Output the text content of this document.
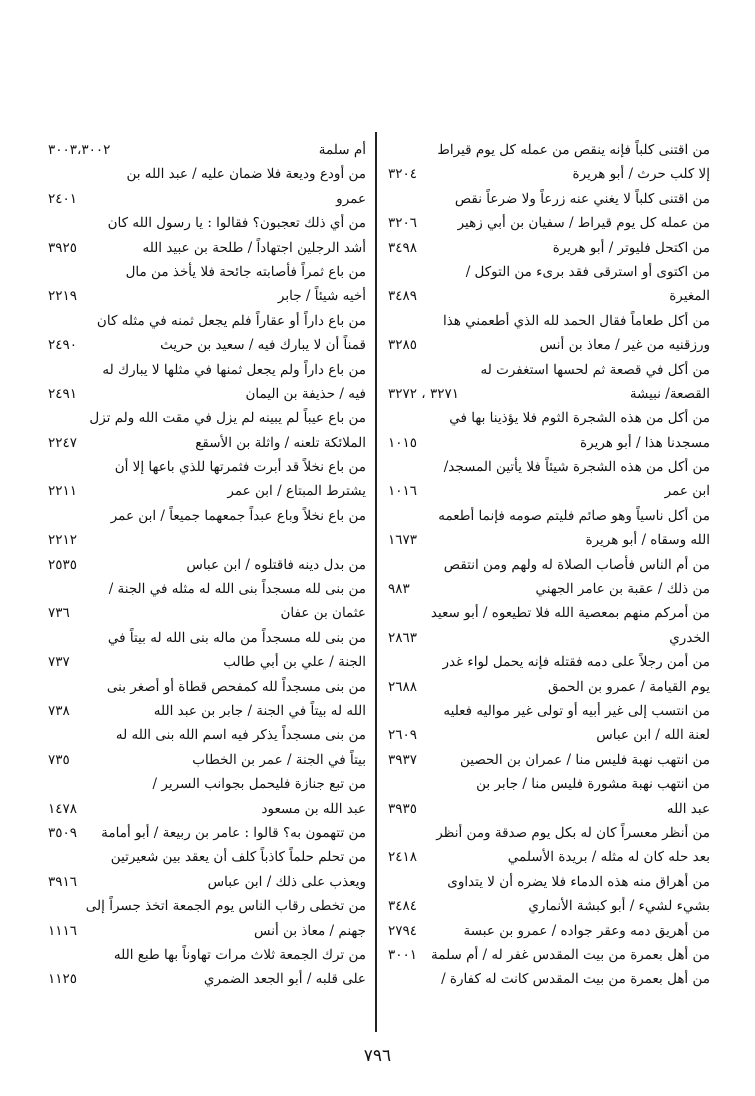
من اقتنى كلباً فإنه ينقص من عمله كل يوم قيراط
إلا كلب حرث / أبو هريرة
٣٢٠٤
من اقتنى كلباً لا يغني عنه زرعاً ولا ضرعاً نقص
من عمله كل يوم قيراط / سفيان بن أبي زهير
٣٢٠٦
من اكتحل فليوتر / أبو هريرة
٣٤٩٨
من اكتوى أو استرقى فقد برىء من التوكل /
المغيرة
٣٤٨٩
من أكل طعاماً فقال الحمد لله الذي أطعمني هذا
ورزقنيه من غير / معاذ بن أنس
٣٢٨٥
من أكل في قصعة ثم لحسها استغفرت له
القصعة/ نبيشة
٣٢٧١ ، ٣٢٧٢
من أكل من هذه الشجرة الثوم فلا يؤذينا بها في
مسجدنا هذا / أبو هريرة
١٠١٥
من أكل من هذه الشجرة شيئاً فلا يأتين المسجد/
ابن عمر
١٠١٦
من أكل ناسياً وهو صائم فليتم صومه فإنما أطعمه
الله وسقاه / أبو هريرة
١٦٧٣
من أم الناس فأصاب الصلاة له ولهم ومن انتقص
من ذلك / عقبة بن عامر الجهني
٩٨٣
من أمركم منهم بمعصية الله فلا تطيعوه / أبو سعيد
الخدري
٢٨٦٣
من أمن رجلاً على دمه فقتله فإنه يحمل لواء غدر
يوم القيامة / عمرو بن الحمق
٢٦٨٨
من انتسب إلى غير أبيه أو تولى غير مواليه فعليه
لعنة الله / ابن عباس
٢٦٠٩
من انتهب نهبة فليس منا / عمران بن الحصين
٣٩٣٧
من انتهب نهبة مشورة فليس منا / جابر بن
عبد الله
٣٩٣٥
من أنظر معسراً كان له بكل يوم صدقة ومن أنظر
بعد حله كان له مثله / بريدة الأسلمي
٢٤١٨
من أهراق منه هذه الدماء فلا يضره أن لا يتداوى
بشيء لشيء / أبو كبشة الأنماري
٣٤٨٤
من أهريق دمه وعقر جواده / عمرو بن عبسة
٢٧٩٤
من أهل بعمرة من بيت المقدس غفر له / أم سلمة
٣٠٠١
من أهل بعمرة من بيت المقدس كانت له كفارة /
أم سلمة
٣٠٠٣،٣٠٠٢
من أودع وديعة فلا ضمان عليه / عبد الله بن
عمرو
٢٤٠١
من أي ذلك تعجبون؟ فقالوا : يا رسول الله كان
أشد الرجلين اجتهاداً / طلحة بن عبيد الله
٣٩٢٥
من باع ثمراً فأصابته جائحة فلا يأخذ من مال
أخيه شيئاً / جابر
٢٢١٩
من باع داراً أو عقاراً فلم يجعل ثمنه في مثله كان
قمناً أن لا يبارك فيه / سعيد بن حريث
٢٤٩٠
من باع داراً ولم يجعل ثمنها في مثلها لا يبارك له
فيه / حذيفة بن اليمان
٢٤٩١
من باع عيباً لم يبينه لم يزل في مقت الله ولم تزل
الملائكة تلعنه / واثلة بن الأسقع
٢٢٤٧
من باع نخلاً قد أبرت فثمرتها للذي باعها إلا أن
يشترط المبتاع / ابن عمر
٢٢١١
من باع نخلاً وباع عبداً جمعهما جميعاً / ابن عمر
٢٢١٢
من بدل دينه فاقتلوه / ابن عباس
٢٥٣٥
من بنى لله مسجداً بنى الله له مثله في الجنة /
عثمان بن عفان
٧٣٦
من بنى لله مسجداً من ماله بنى الله له بيتاً في
الجنة / علي بن أبي طالب
٧٣٧
من بنى مسجداً لله كمفحص قطاة أو أصغر بنى
الله له بيتاً في الجنة / جابر بن عبد الله
٧٣٨
من بنى مسجداً يذكر فيه اسم الله بنى الله له
بيتاً في الجنة / عمر بن الخطاب
٧٣٥
من تبع جنازة فليحمل بجوانب السرير /
عبد الله بن مسعود
١٤٧٨
من تتهمون به؟ قالوا : عامر بن ربيعة / أبو أمامة
٣٥٠٩
من تحلم حلماً كاذباً كلف أن يعقد بين شعيرتين
ويعذب على ذلك / ابن عباس
٣٩١٦
من تخطى رقاب الناس يوم الجمعة اتخذ جسراً إلى
جهنم / معاذ بن أنس
١١١٦
من ترك الجمعة ثلاث مرات تهاوناً بها طبع الله
على قلبه / أبو الجعد الضمري
١١٢٥
٧٩٦
